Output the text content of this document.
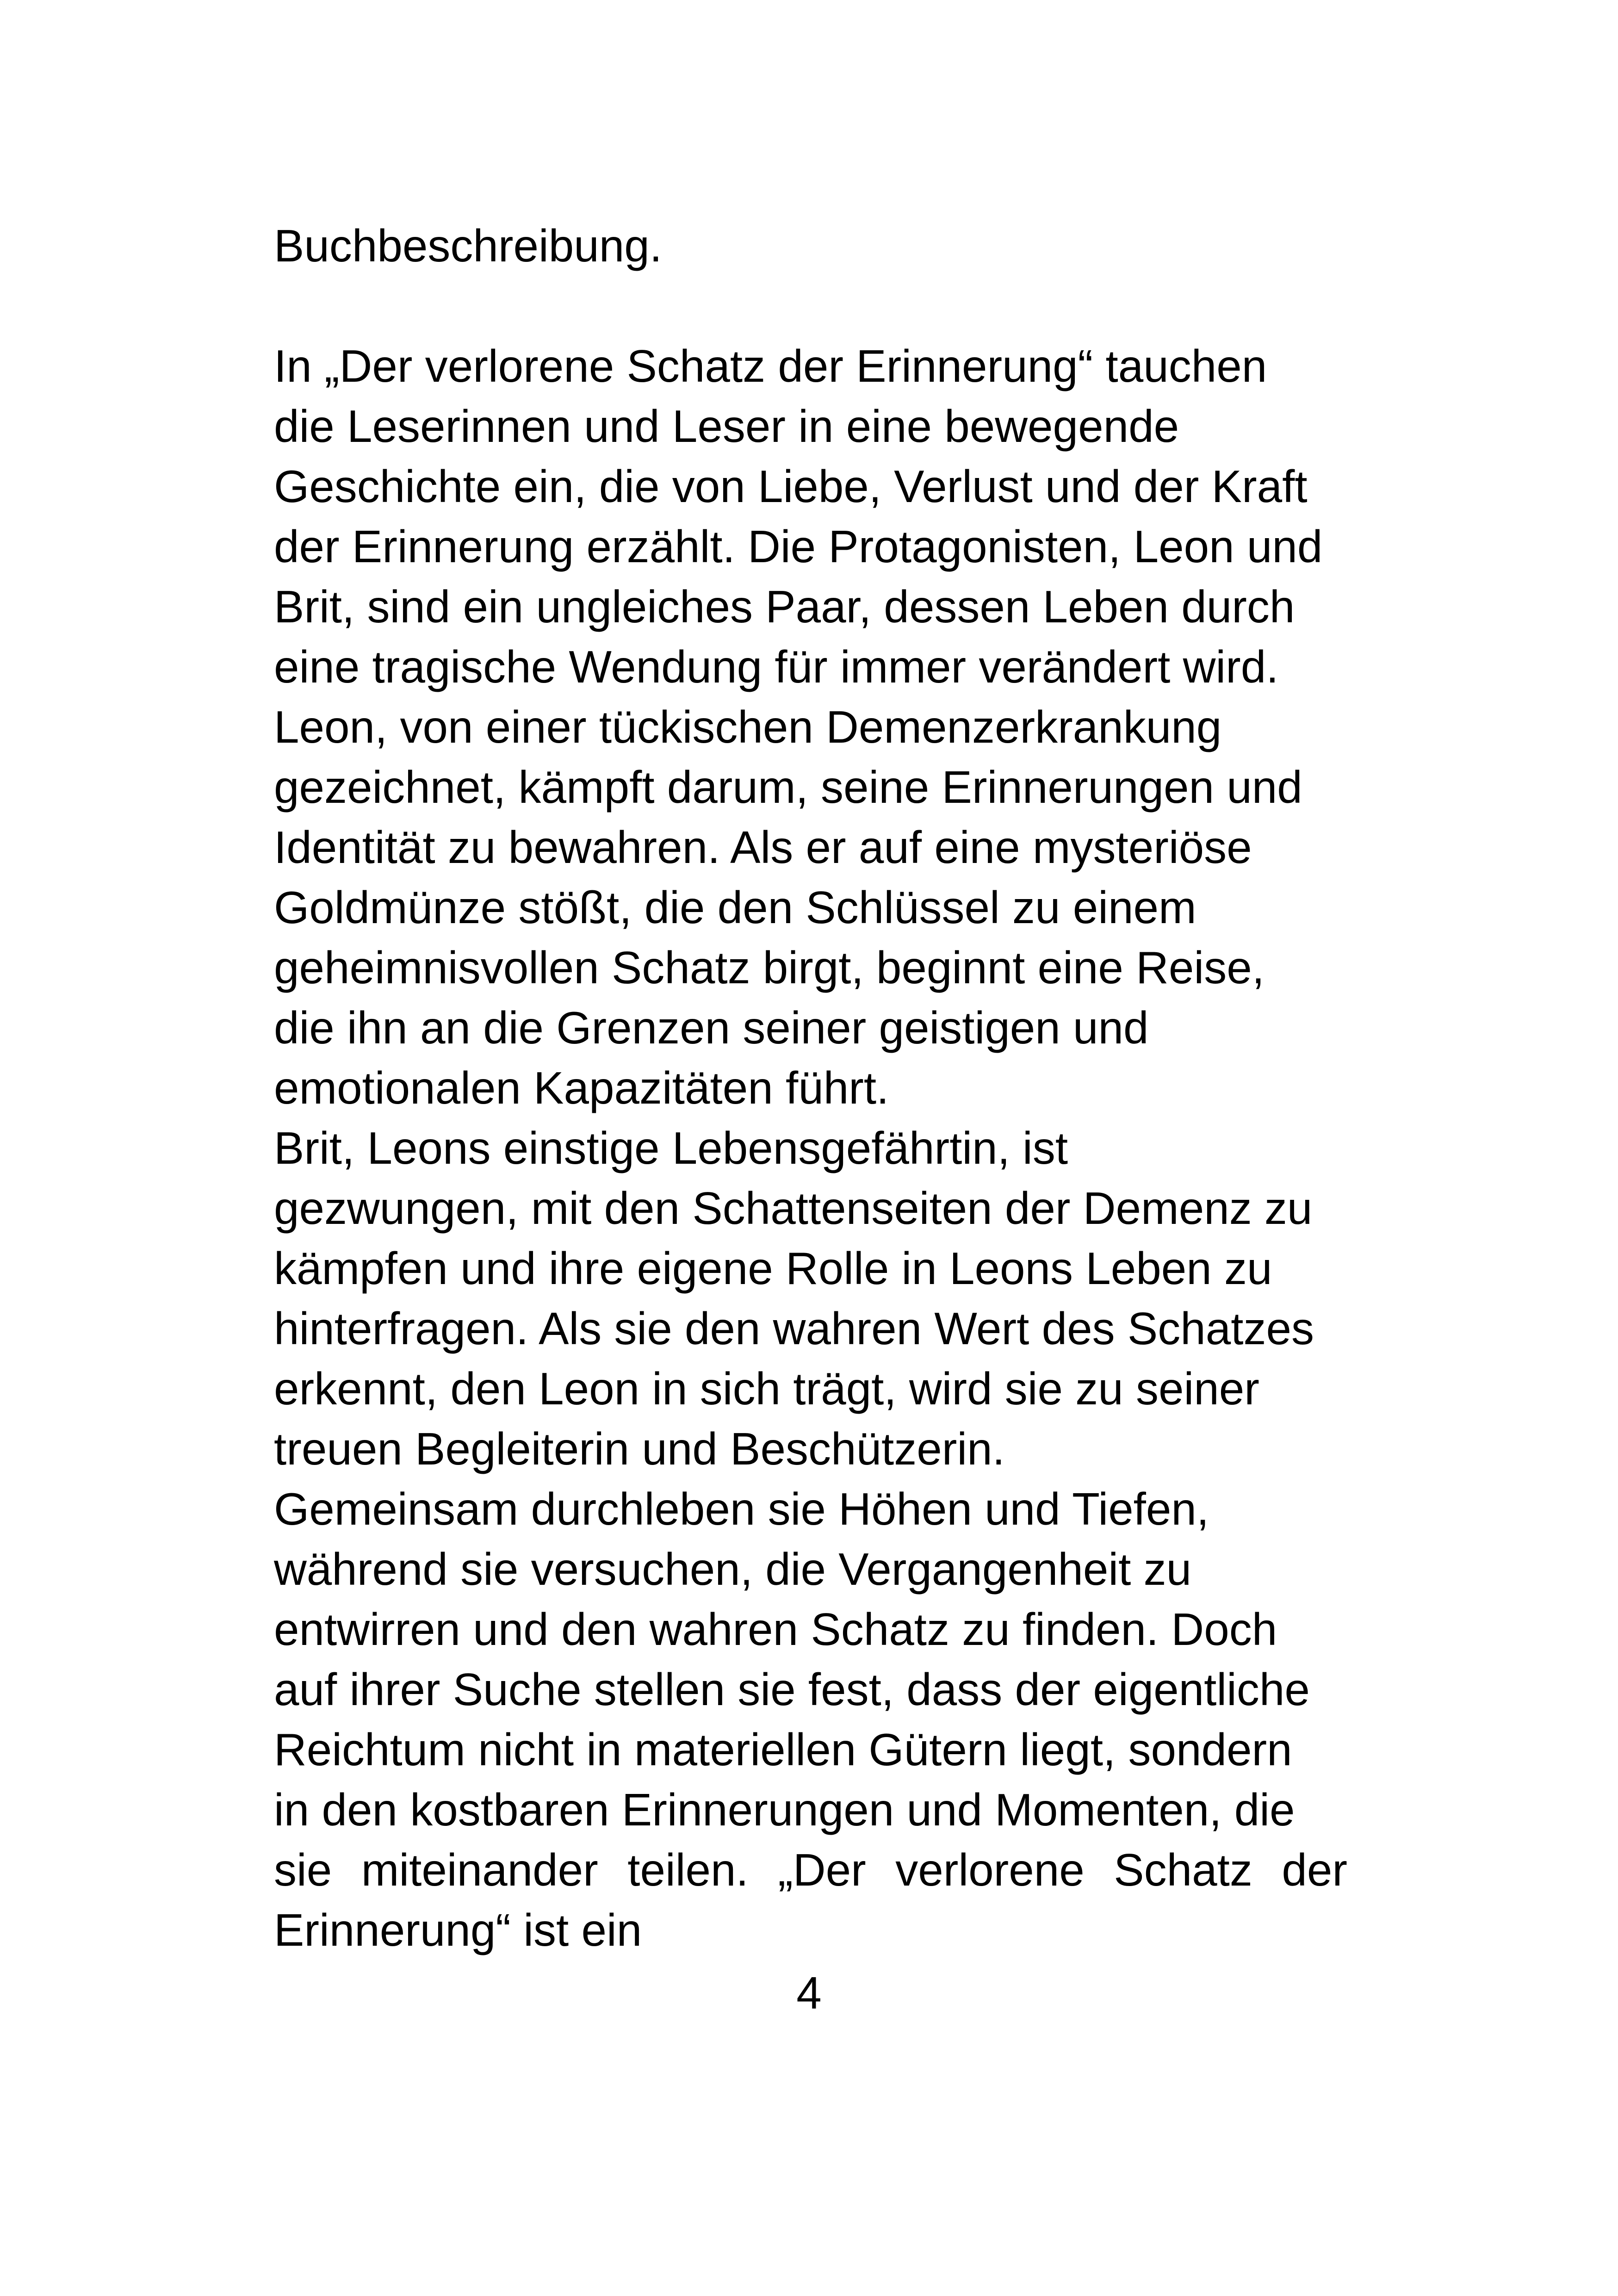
Buchbeschreibung.
In „Der verlorene Schatz der Erinnerung“ tauchen
die Leserinnen und Leser in eine bewegende
Geschichte ein, die von Liebe, Verlust und der Kraft
der Erinnerung erzählt. Die Protagonisten, Leon und
Brit, sind ein ungleiches Paar, dessen Leben durch
eine tragische Wendung für immer verändert wird.
Leon, von einer tückischen Demenzerkrankung
gezeichnet, kämpft darum, seine Erinnerungen und
Identität zu bewahren. Als er auf eine mysteriöse
Goldmünze stößt, die den Schlüssel zu einem
geheimnisvollen Schatz birgt, beginnt eine Reise,
die ihn an die Grenzen seiner geistigen und
emotionalen Kapazitäten führt.
Brit, Leons einstige Lebensgefährtin, ist
gezwungen, mit den Schattenseiten der Demenz zu
kämpfen und ihre eigene Rolle in Leons Leben zu
hinterfragen. Als sie den wahren Wert des Schatzes
erkennt, den Leon in sich trägt, wird sie zu seiner
treuen Begleiterin und Beschützerin.
Gemeinsam durchleben sie Höhen und Tiefen,
während sie versuchen, die Vergangenheit zu
entwirren und den wahren Schatz zu finden. Doch
auf ihrer Suche stellen sie fest, dass der eigentliche
Reichtum nicht in materiellen Gütern liegt, sondern
in den kostbaren Erinnerungen und Momenten, die
sie miteinander teilen. „Der verlorene Schatz der
Erinnerung“ ist ein
4
